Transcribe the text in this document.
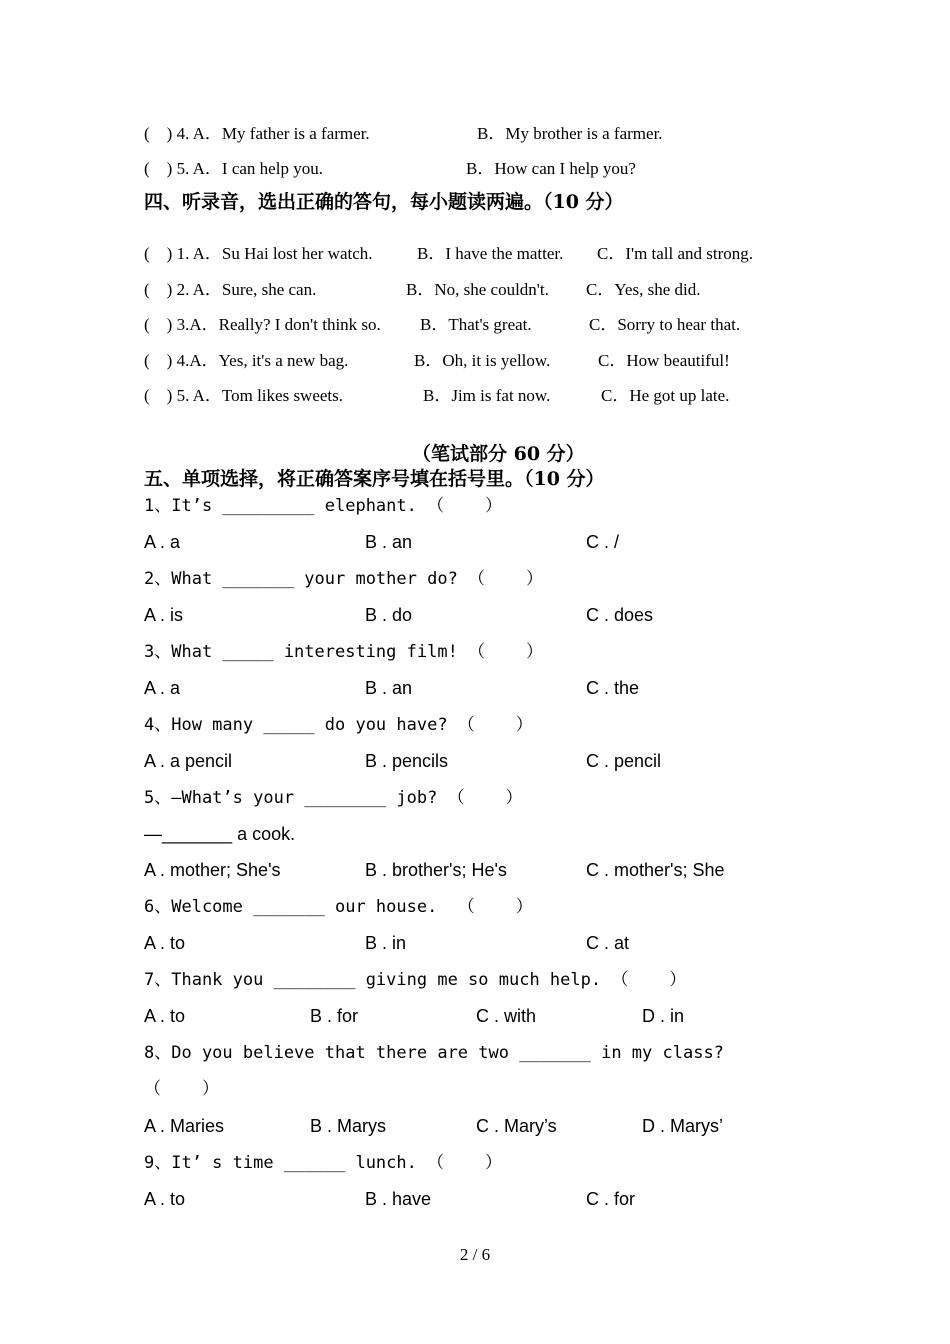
(    ) 4. A．My father is a farmer.	B．My brother is a farmer.
(    ) 5. A．I can help you.	B．How can I help you?
四、听录音，选出正确的答句，每小题读两遍。（10 分）
(    ) 1. A．Su Hai lost her watch.	B．I have the matter. C．I'm tall and strong.
(    ) 2. A．Sure, she can.	B．No, she couldn't. C．Yes, she did.
(    ) 3.A．Really? I don't think so. B．That's great.	C．Sorry to hear that.
(    ) 4.A．Yes, it's a new bag.	B．Oh, it is yellow.	C．How beautiful!
(    ) 5. A．Tom likes sweets.	B．Jim is fat now.	C．He got up late.
（笔试部分 60 分）
五、单项选择，将正确答案序号填在括号里。（10 分）
1、It’s _________ elephant. （    ）
A . a	B . an	C . /
2、What _______ your mother do? （    ）
A . is	B . do	C . does
3、What _____ interesting film! （    ）
A . a	B . an	C . the
4、How many _____ do you have? （    ）
A . a pencil	B . pencils	C . pencil
5、—What’s your ________ job? （    ）
—_______ a cook.
A . mother; She's	B . brother's; He's	C . mother's; She
6、Welcome _______ our house.  （    ）
A . to	B . in	C . at
7、Thank you ________ giving me so much help. （    ）
A . to	B . for	C . with	D . in
8、Do you believe that there are two _______ in my class?
（    ）
A . Maries	B . Marys	C . Mary’s	D . Marys’
9、It’ s time ______ lunch. （    ）
A . to	B . have	C . for
2 / 6
